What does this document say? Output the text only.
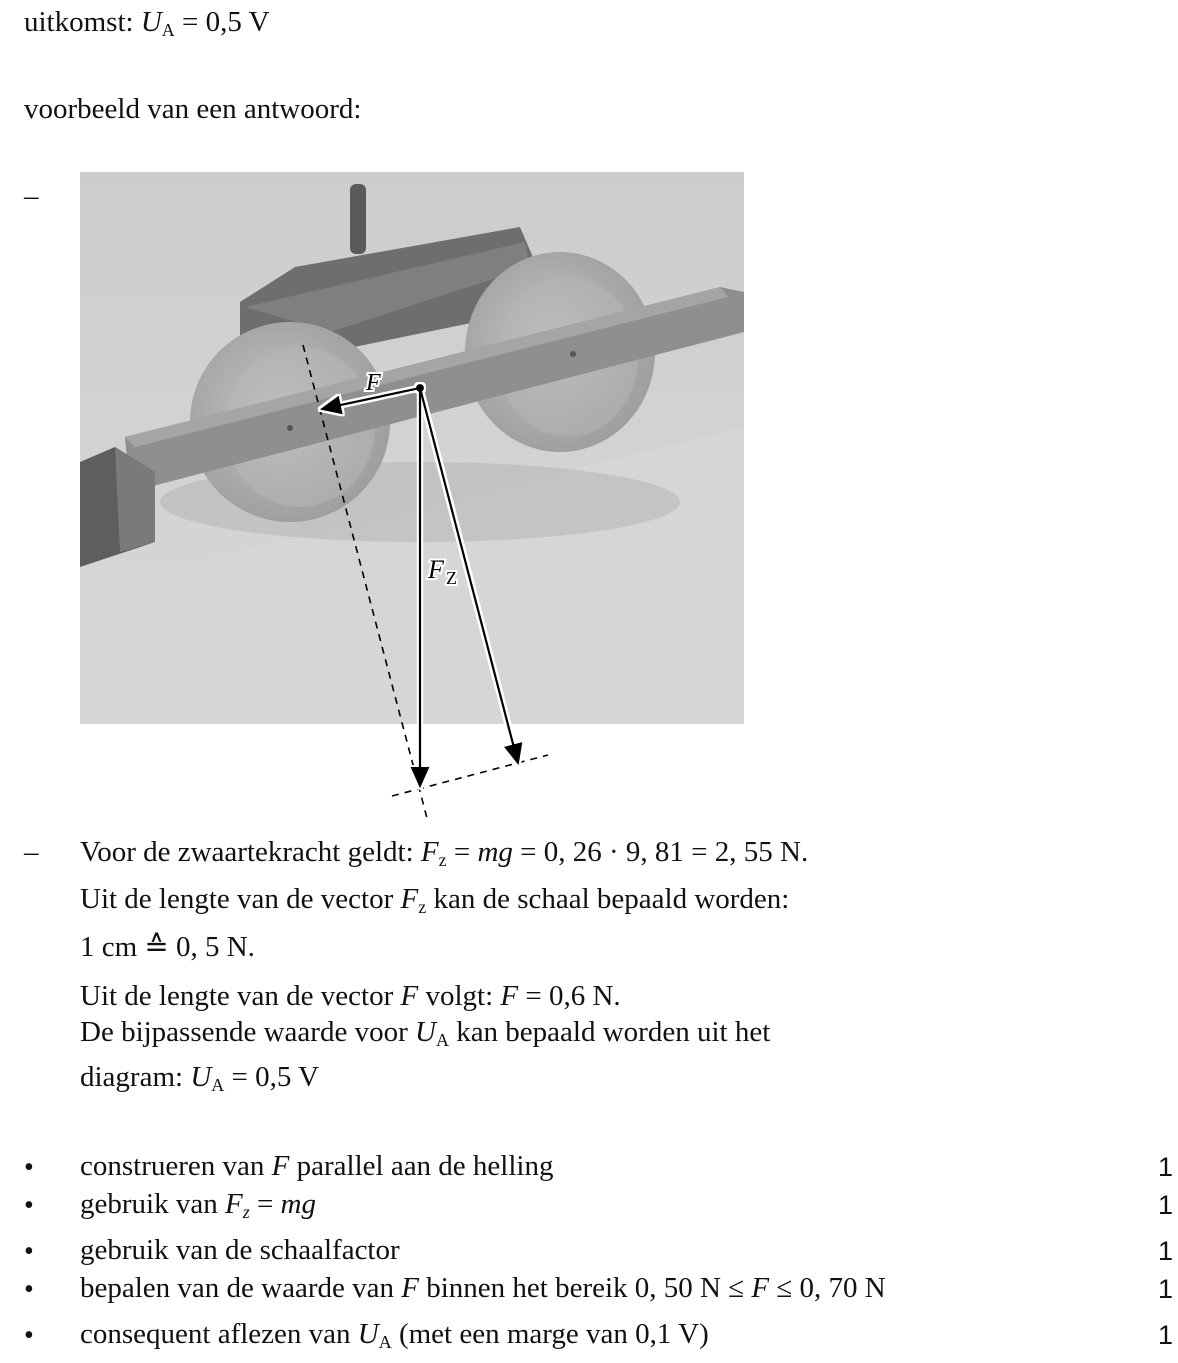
uitkomst: $U_A = 0,5$ V
voorbeeld van een antwoord:
–
F
F Z
– Voor de zwaartekracht geldt: $F_z$ = mg = 0, 26 · 9, 81 = 2, 55 N.
Uit de lengte van de vector $F_z$ kan de schaal bepaald worden:
1 cm ≙ 0, 5 N.
Uit de lengte van de vector F volgt: F = 0,6 N.
De bijpassende waarde voor $U_A$ kan bepaald worden uit het
diagram: $U_A = 0,5$ V
• construeren van F parallel aan de helling	1
• gebruik van $F_z$ = mg	1
• gebruik van de schaalfactor	1
• bepalen van de waarde van F binnen het bereik 0, 50 N ≤ F ≤ 0, 70 N	1
• consequent aflezen van $U_A$ (met een marge van 0,1 V)	1
